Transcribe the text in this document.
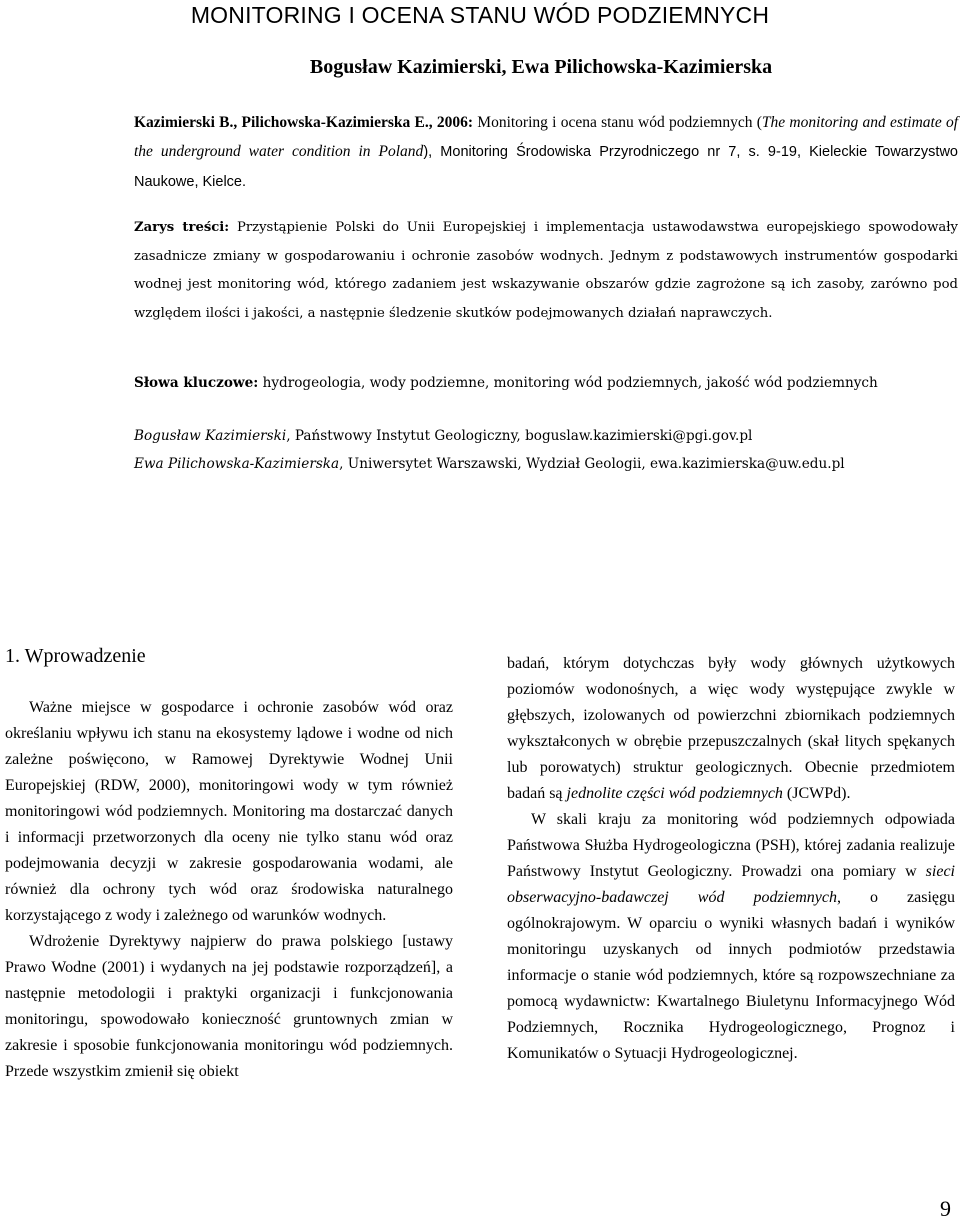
MONITORING I OCENA STANU WÓD PODZIEMNYCH
Bogusław Kazimierski, Ewa Pilichowska-Kazimierska
Kazimierski B., Pilichowska-Kazimierska E., 2006: Monitoring i ocena stanu wód podziemnych (The monitoring and estimate of the underground water condition in Poland), Monitoring Środowiska Przyrodniczego nr 7, s. 9-19, Kieleckie Towarzystwo Naukowe, Kielce.
Zarys treści: Przystąpienie Polski do Unii Europejskiej i implementacja ustawodawstwa europejskiego spowodowały zasadnicze zmiany w gospodarowaniu i ochronie zasobów wodnych. Jednym z podstawowych instrumentów gospodarki wodnej jest monitoring wód, którego zadaniem jest wskazywanie obszarów gdzie zagrożone są ich zasoby, zarówno pod względem ilości i jakości, a następnie śledzenie skutków podejmowanych działań naprawczych.
Słowa kluczowe: hydrogeologia, wody podziemne, monitoring wód podziemnych, jakość wód podziemnych
Bogusław Kazimierski, Państwowy Instytut Geologiczny, boguslaw.kazimierski@pgi.gov.pl
Ewa Pilichowska-Kazimierska, Uniwersytet Warszawski, Wydział Geologii, ewa.kazimierska@uw.edu.pl
1. Wprowadzenie

Ważne miejsce w gospodarce i ochronie zasobów wód oraz określaniu wpływu ich stanu na ekosystemy lądowe i wodne od nich zależne poświęcono, w Ramowej Dyrektywie Wodnej Unii Europejskiej (RDW, 2000), monitoringowi wody w tym również monitoringowi wód podziemnych. Monitoring ma dostarczać danych i informacji przetworzonych dla oceny nie tylko stanu wód oraz podejmowania decyzji w zakresie gospodarowania wodami, ale również dla ochrony tych wód oraz środowiska naturalnego korzystającego z wody i zależnego od warunków wodnych.

Wdrożenie Dyrektywy najpierw do prawa polskiego [ustawy Prawo Wodne (2001) i wydanych na jej podstawie rozporządzeń], a następnie metodologii i praktyki organizacji i funkcjonowania monitoringu, spowodowało konieczność gruntownych zmian w zakresie i sposobie funkcjonowania monitoringu wód podziemnych. Przede wszystkim zmienił się obiekt

badań, którym dotychczas były wody głównych użytkowych poziomów wodonośnych, a więc wody występujące zwykle w głębszych, izolowanych od powierzchni zbiornikach podziemnych wykształconych w obrębie przepuszczalnych (skał litych spękanych lub porowatych) struktur geologicznych. Obecnie przedmiotem badań są jednolite części wód podziemnych (JCWPd).

W skali kraju za monitoring wód podziemnych odpowiada Państwowa Służba Hydrogeologiczna (PSH), której zadania realizuje Państwowy Instytut Geologiczny. Prowadzi ona pomiary w sieci obserwacyjno-badawczej wód podziemnych, o zasięgu ogólnokrajowym. W oparciu o wyniki własnych badań i wyników monitoringu uzyskanych od innych podmiotów przedstawia informacje o stanie wód podziemnych, które są rozpowszechniane za pomocą wydawnictw: Kwartalnego Biuletynu Informacyjnego Wód Podziemnych, Rocznika Hydrogeologicznego, Prognoz i Komunikatów o Sytuacji Hydrogeologicznej.

9
